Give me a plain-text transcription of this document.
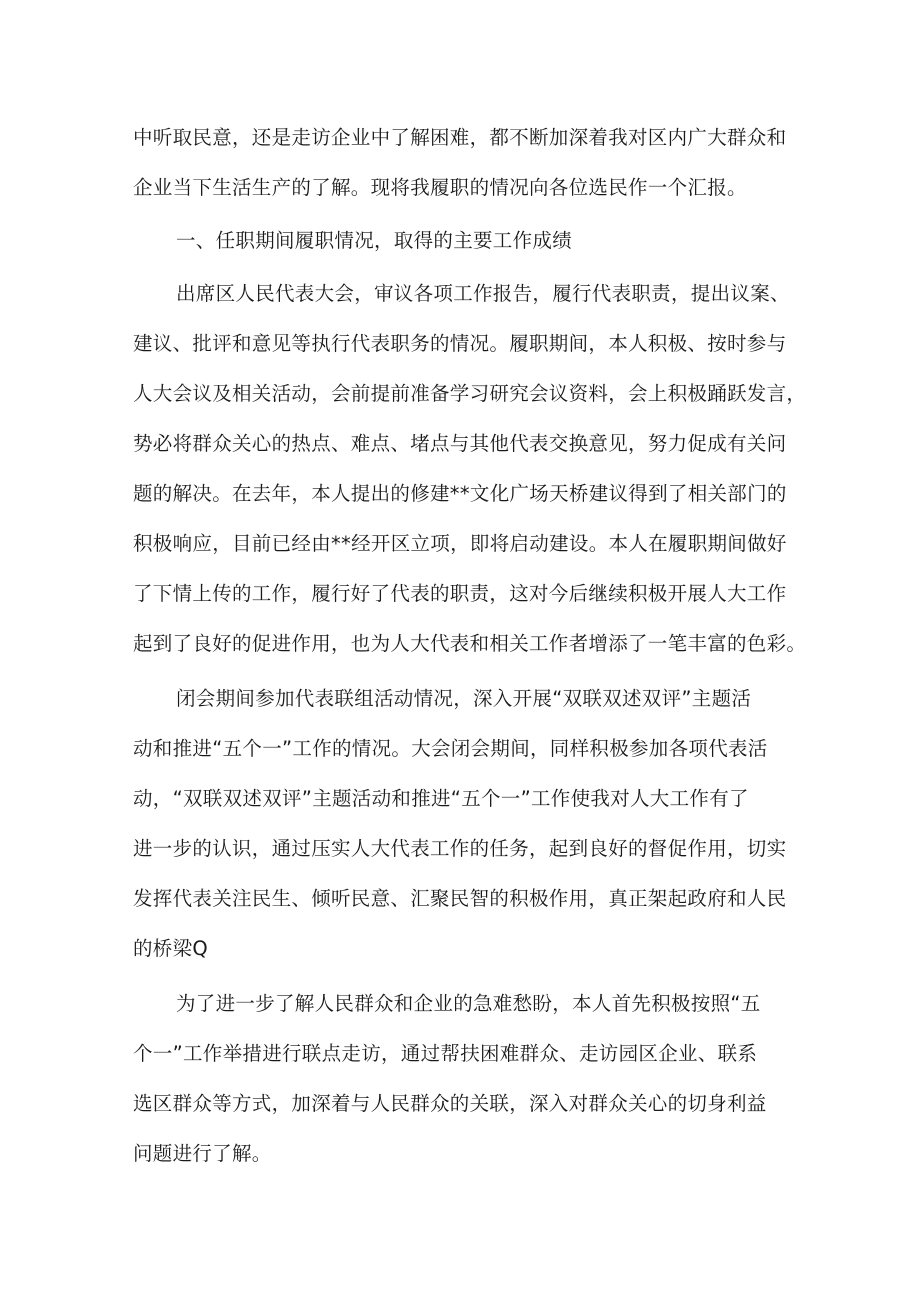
中听取民意，还是走访企业中了解困难，都不断加深着我对区内广大群众和
企业当下生活生产的了解。现将我履职的情况向各位选民作一个汇报。
一、任职期间履职情况，取得的主要工作成绩
出席区人民代表大会，审议各项工作报告，履行代表职责，提出议案、
建议、批评和意见等执行代表职务的情况。履职期间，本人积极、按时参与
人大会议及相关活动，会前提前准备学习研究会议资料，会上积极踊跃发言，
势必将群众关心的热点、难点、堵点与其他代表交换意见，努力促成有关问
题的解决。在去年，本人提出的修建**文化广场天桥建议得到了相关部门的
积极响应，目前已经由**经开区立项，即将启动建设。本人在履职期间做好
了下情上传的工作，履行好了代表的职责，这对今后继续积极开展人大工作
起到了良好的促进作用，也为人大代表和相关工作者增添了一笔丰富的色彩。
闭会期间参加代表联组活动情况，深入开展“双联双述双评”主题活
动和推进“五个一”工作的情况。大会闭会期间，同样积极参加各项代表活
动，“双联双述双评”主题活动和推进“五个一”工作使我对人大工作有了
进一步的认识，通过压实人大代表工作的任务，起到良好的督促作用，切实
发挥代表关注民生、倾听民意、汇聚民智的积极作用，真正架起政府和人民
的桥梁Q
为了进一步了解人民群众和企业的急难愁盼，本人首先积极按照“五
个一”工作举措进行联点走访，通过帮扶困难群众、走访园区企业、联系
选区群众等方式，加深着与人民群众的关联，深入对群众关心的切身利益
问题进行了解。
